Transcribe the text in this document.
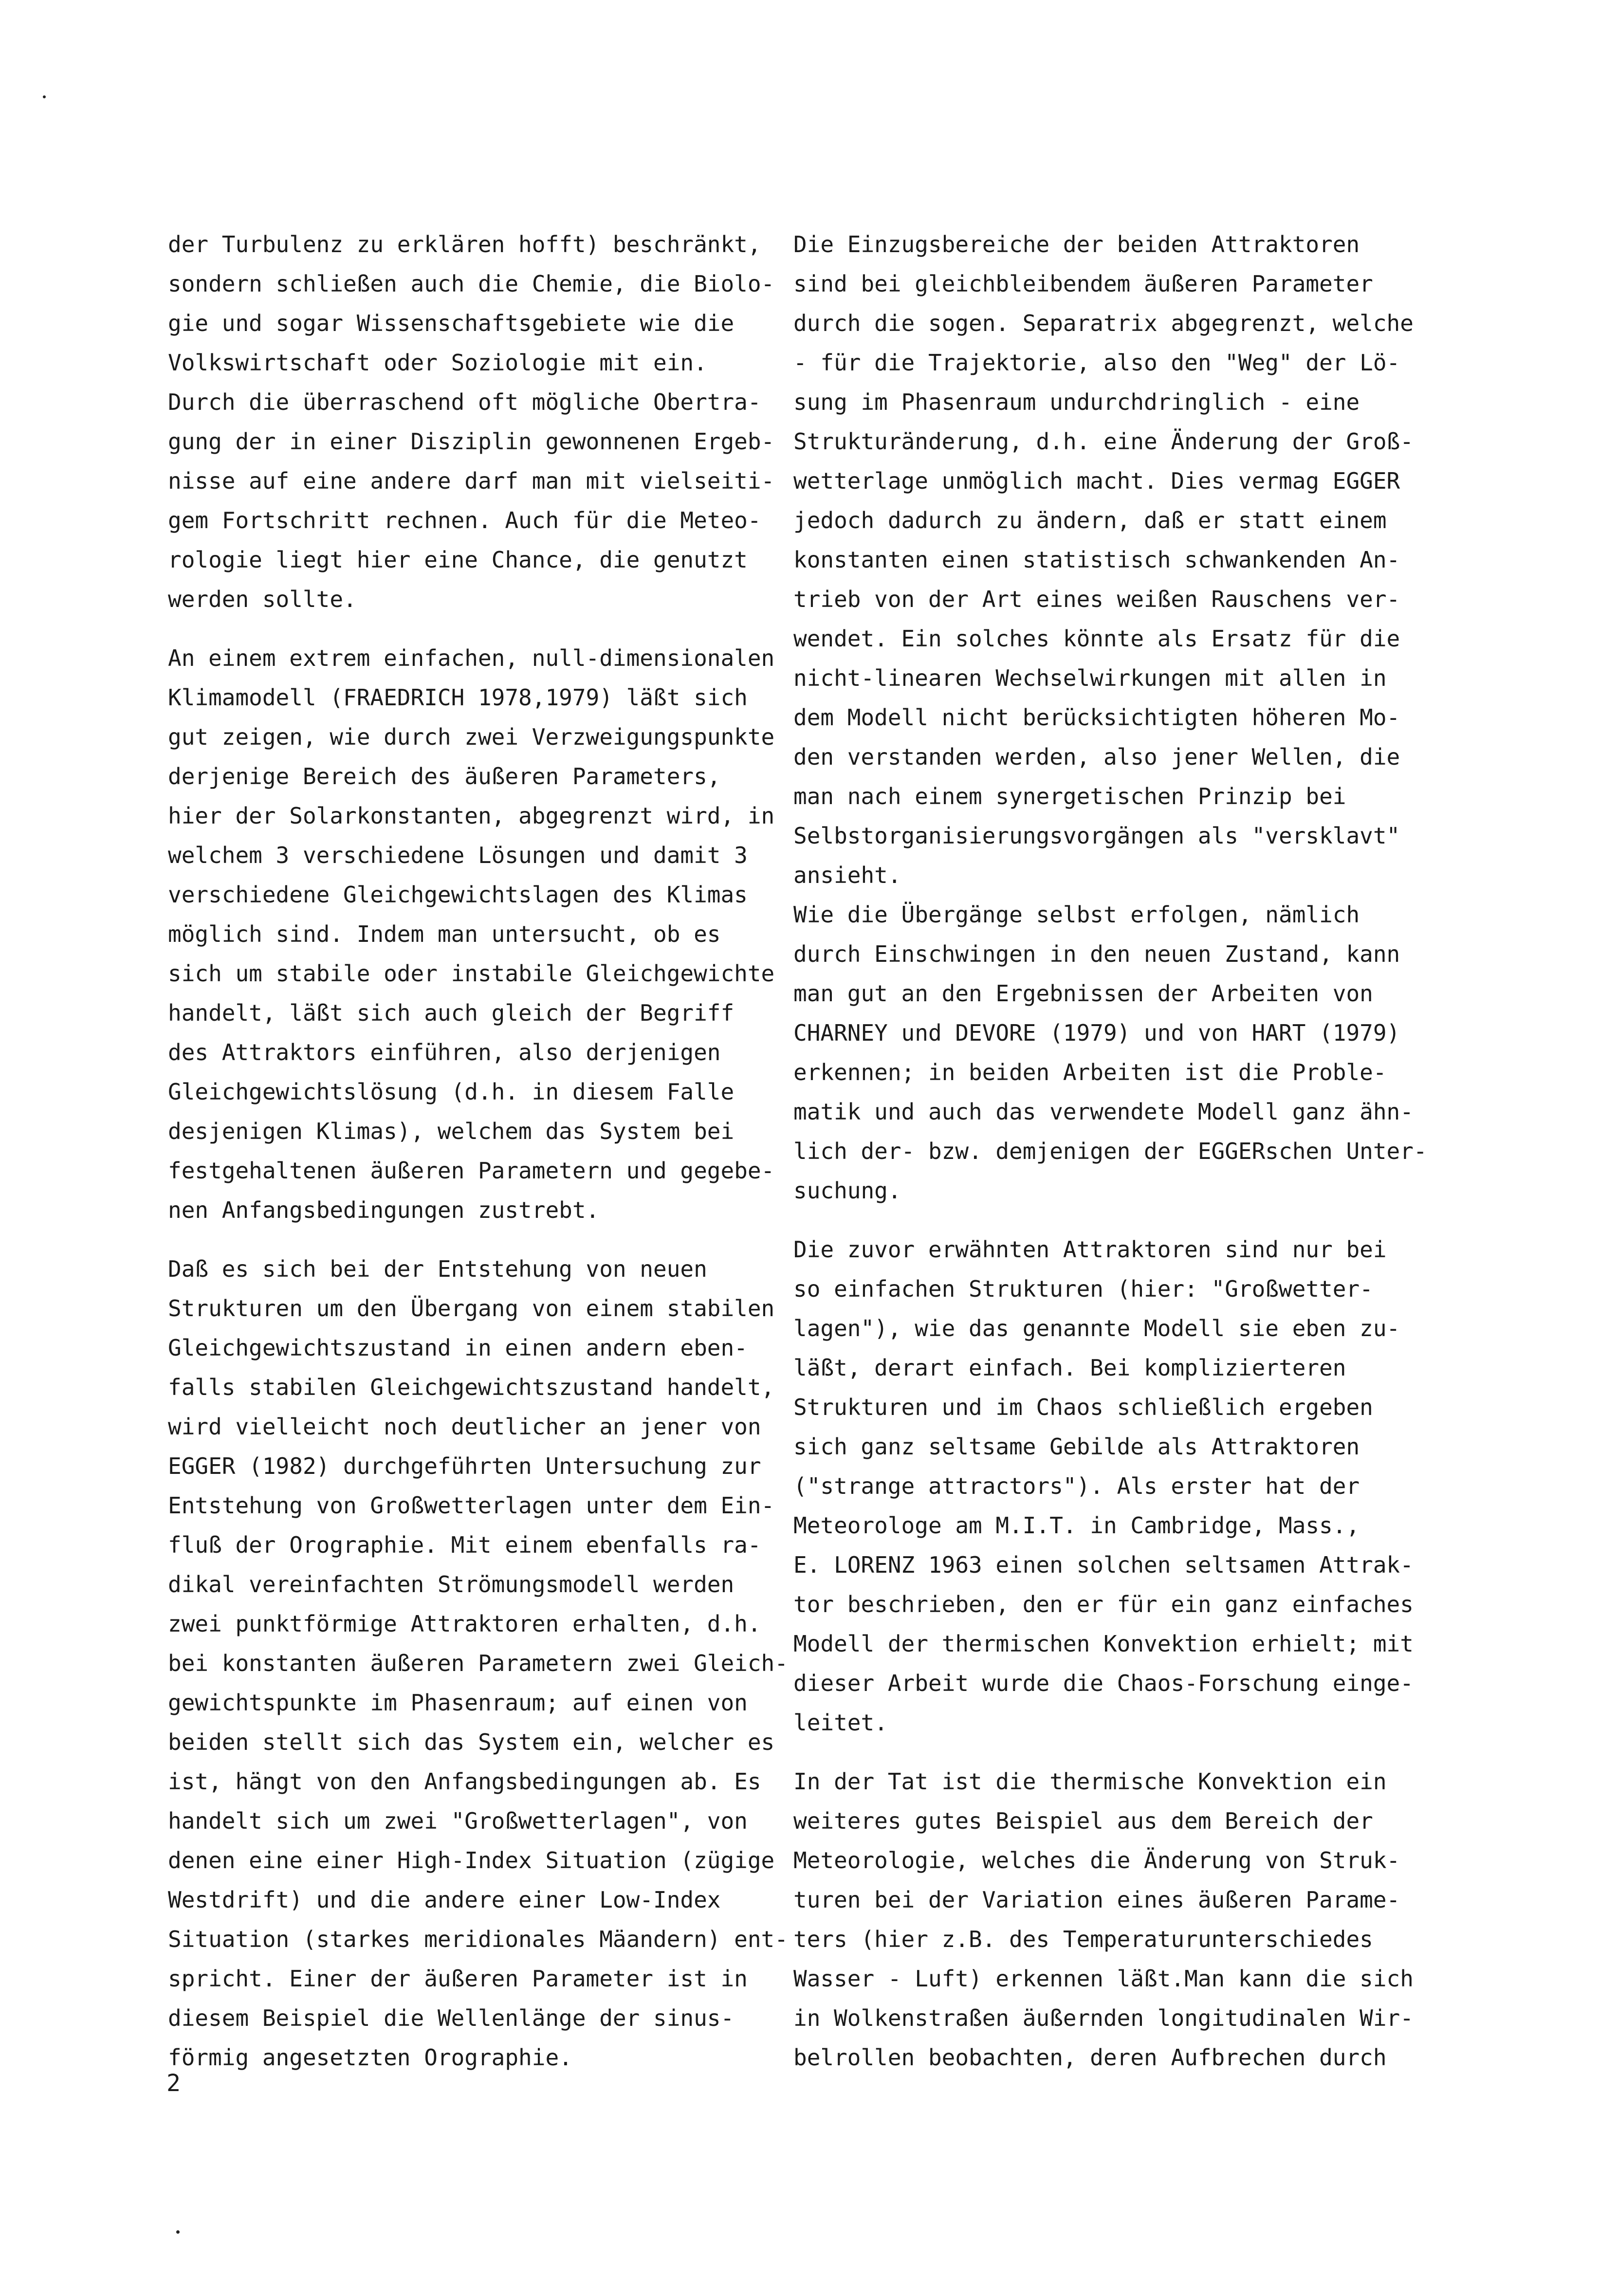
der Turbulenz zu erklären hofft) beschränkt,
sondern schließen auch die Chemie, die Biolo-
gie und sogar Wissenschaftsgebiete wie die
Volkswirtschaft oder Soziologie mit ein.
Durch die überraschend oft mögliche Obertra-
gung der in einer Disziplin gewonnenen Ergeb-
nisse auf eine andere darf man mit vielseiti-
gem Fortschritt rechnen. Auch für die Meteo-
rologie liegt hier eine Chance, die genutzt
werden sollte.
An einem extrem einfachen, null-dimensionalen
Klimamodell (FRAEDRICH 1978,1979) läßt sich
gut zeigen, wie durch zwei Verzweigungspunkte
derjenige Bereich des äußeren Parameters,
hier der Solarkonstanten, abgegrenzt wird, in
welchem 3 verschiedene Lösungen und damit 3
verschiedene Gleichgewichtslagen des Klimas
möglich sind. Indem man untersucht, ob es
sich um stabile oder instabile Gleichgewichte
handelt, läßt sich auch gleich der Begriff
des Attraktors einführen, also derjenigen
Gleichgewichtslösung (d.h. in diesem Falle
desjenigen Klimas), welchem das System bei
festgehaltenen äußeren Parametern und gegebe-
nen Anfangsbedingungen zustrebt.
Daß es sich bei der Entstehung von neuen
Strukturen um den Übergang von einem stabilen
Gleichgewichtszustand in einen andern eben-
falls stabilen Gleichgewichtszustand handelt,
wird vielleicht noch deutlicher an jener von
EGGER (1982) durchgeführten Untersuchung zur
Entstehung von Großwetterlagen unter dem Ein-
fluß der Orographie. Mit einem ebenfalls ra-
dikal vereinfachten Strömungsmodell werden
zwei punktförmige Attraktoren erhalten, d.h.
bei konstanten äußeren Parametern zwei Gleich-
gewichtspunkte im Phasenraum; auf einen von
beiden stellt sich das System ein, welcher es
ist, hängt von den Anfangsbedingungen ab. Es
handelt sich um zwei "Großwetterlagen", von
denen eine einer High-Index Situation (zügige
Westdrift) und die andere einer Low-Index
Situation (starkes meridionales Mäandern) ent-
spricht. Einer der äußeren Parameter ist in
diesem Beispiel die Wellenlänge der sinus-
förmig angesetzten Orographie.
Die Einzugsbereiche der beiden Attraktoren
sind bei gleichbleibendem äußeren Parameter
durch die sogen. Separatrix abgegrenzt, welche
- für die Trajektorie, also den "Weg" der Lö-
sung im Phasenraum undurchdringlich - eine
Strukturänderung, d.h. eine Änderung der Groß-
wetterlage unmöglich macht. Dies vermag EGGER
jedoch dadurch zu ändern, daß er statt einem
konstanten einen statistisch schwankenden An-
trieb von der Art eines weißen Rauschens ver-
wendet. Ein solches könnte als Ersatz für die
nicht-linearen Wechselwirkungen mit allen in
dem Modell nicht berücksichtigten höheren Mo-
den verstanden werden, also jener Wellen, die
man nach einem synergetischen Prinzip bei
Selbstorganisierungsvorgängen als "versklavt"
ansieht.
Wie die Übergänge selbst erfolgen, nämlich
durch Einschwingen in den neuen Zustand, kann
man gut an den Ergebnissen der Arbeiten von
CHARNEY und DEVORE (1979) und von HART (1979)
erkennen; in beiden Arbeiten ist die Proble-
matik und auch das verwendete Modell ganz ähn-
lich der- bzw. demjenigen der EGGERschen Unter-
suchung.
Die zuvor erwähnten Attraktoren sind nur bei
so einfachen Strukturen (hier: "Großwetter-
lagen"), wie das genannte Modell sie eben zu-
läßt, derart einfach. Bei komplizierteren
Strukturen und im Chaos schließlich ergeben
sich ganz seltsame Gebilde als Attraktoren
("strange attractors"). Als erster hat der
Meteorologe am M.I.T. in Cambridge, Mass.,
E. LORENZ 1963 einen solchen seltsamen Attrak-
tor beschrieben, den er für ein ganz einfaches
Modell der thermischen Konvektion erhielt; mit
dieser Arbeit wurde die Chaos-Forschung einge-
leitet.
In der Tat ist die thermische Konvektion ein
weiteres gutes Beispiel aus dem Bereich der
Meteorologie, welches die Änderung von Struk-
turen bei der Variation eines äußeren Parame-
ters (hier z.B. des Temperaturunterschiedes
Wasser - Luft) erkennen läßt.Man kann die sich
in Wolkenstraßen äußernden longitudinalen Wir-
belrollen beobachten, deren Aufbrechen durch
2
